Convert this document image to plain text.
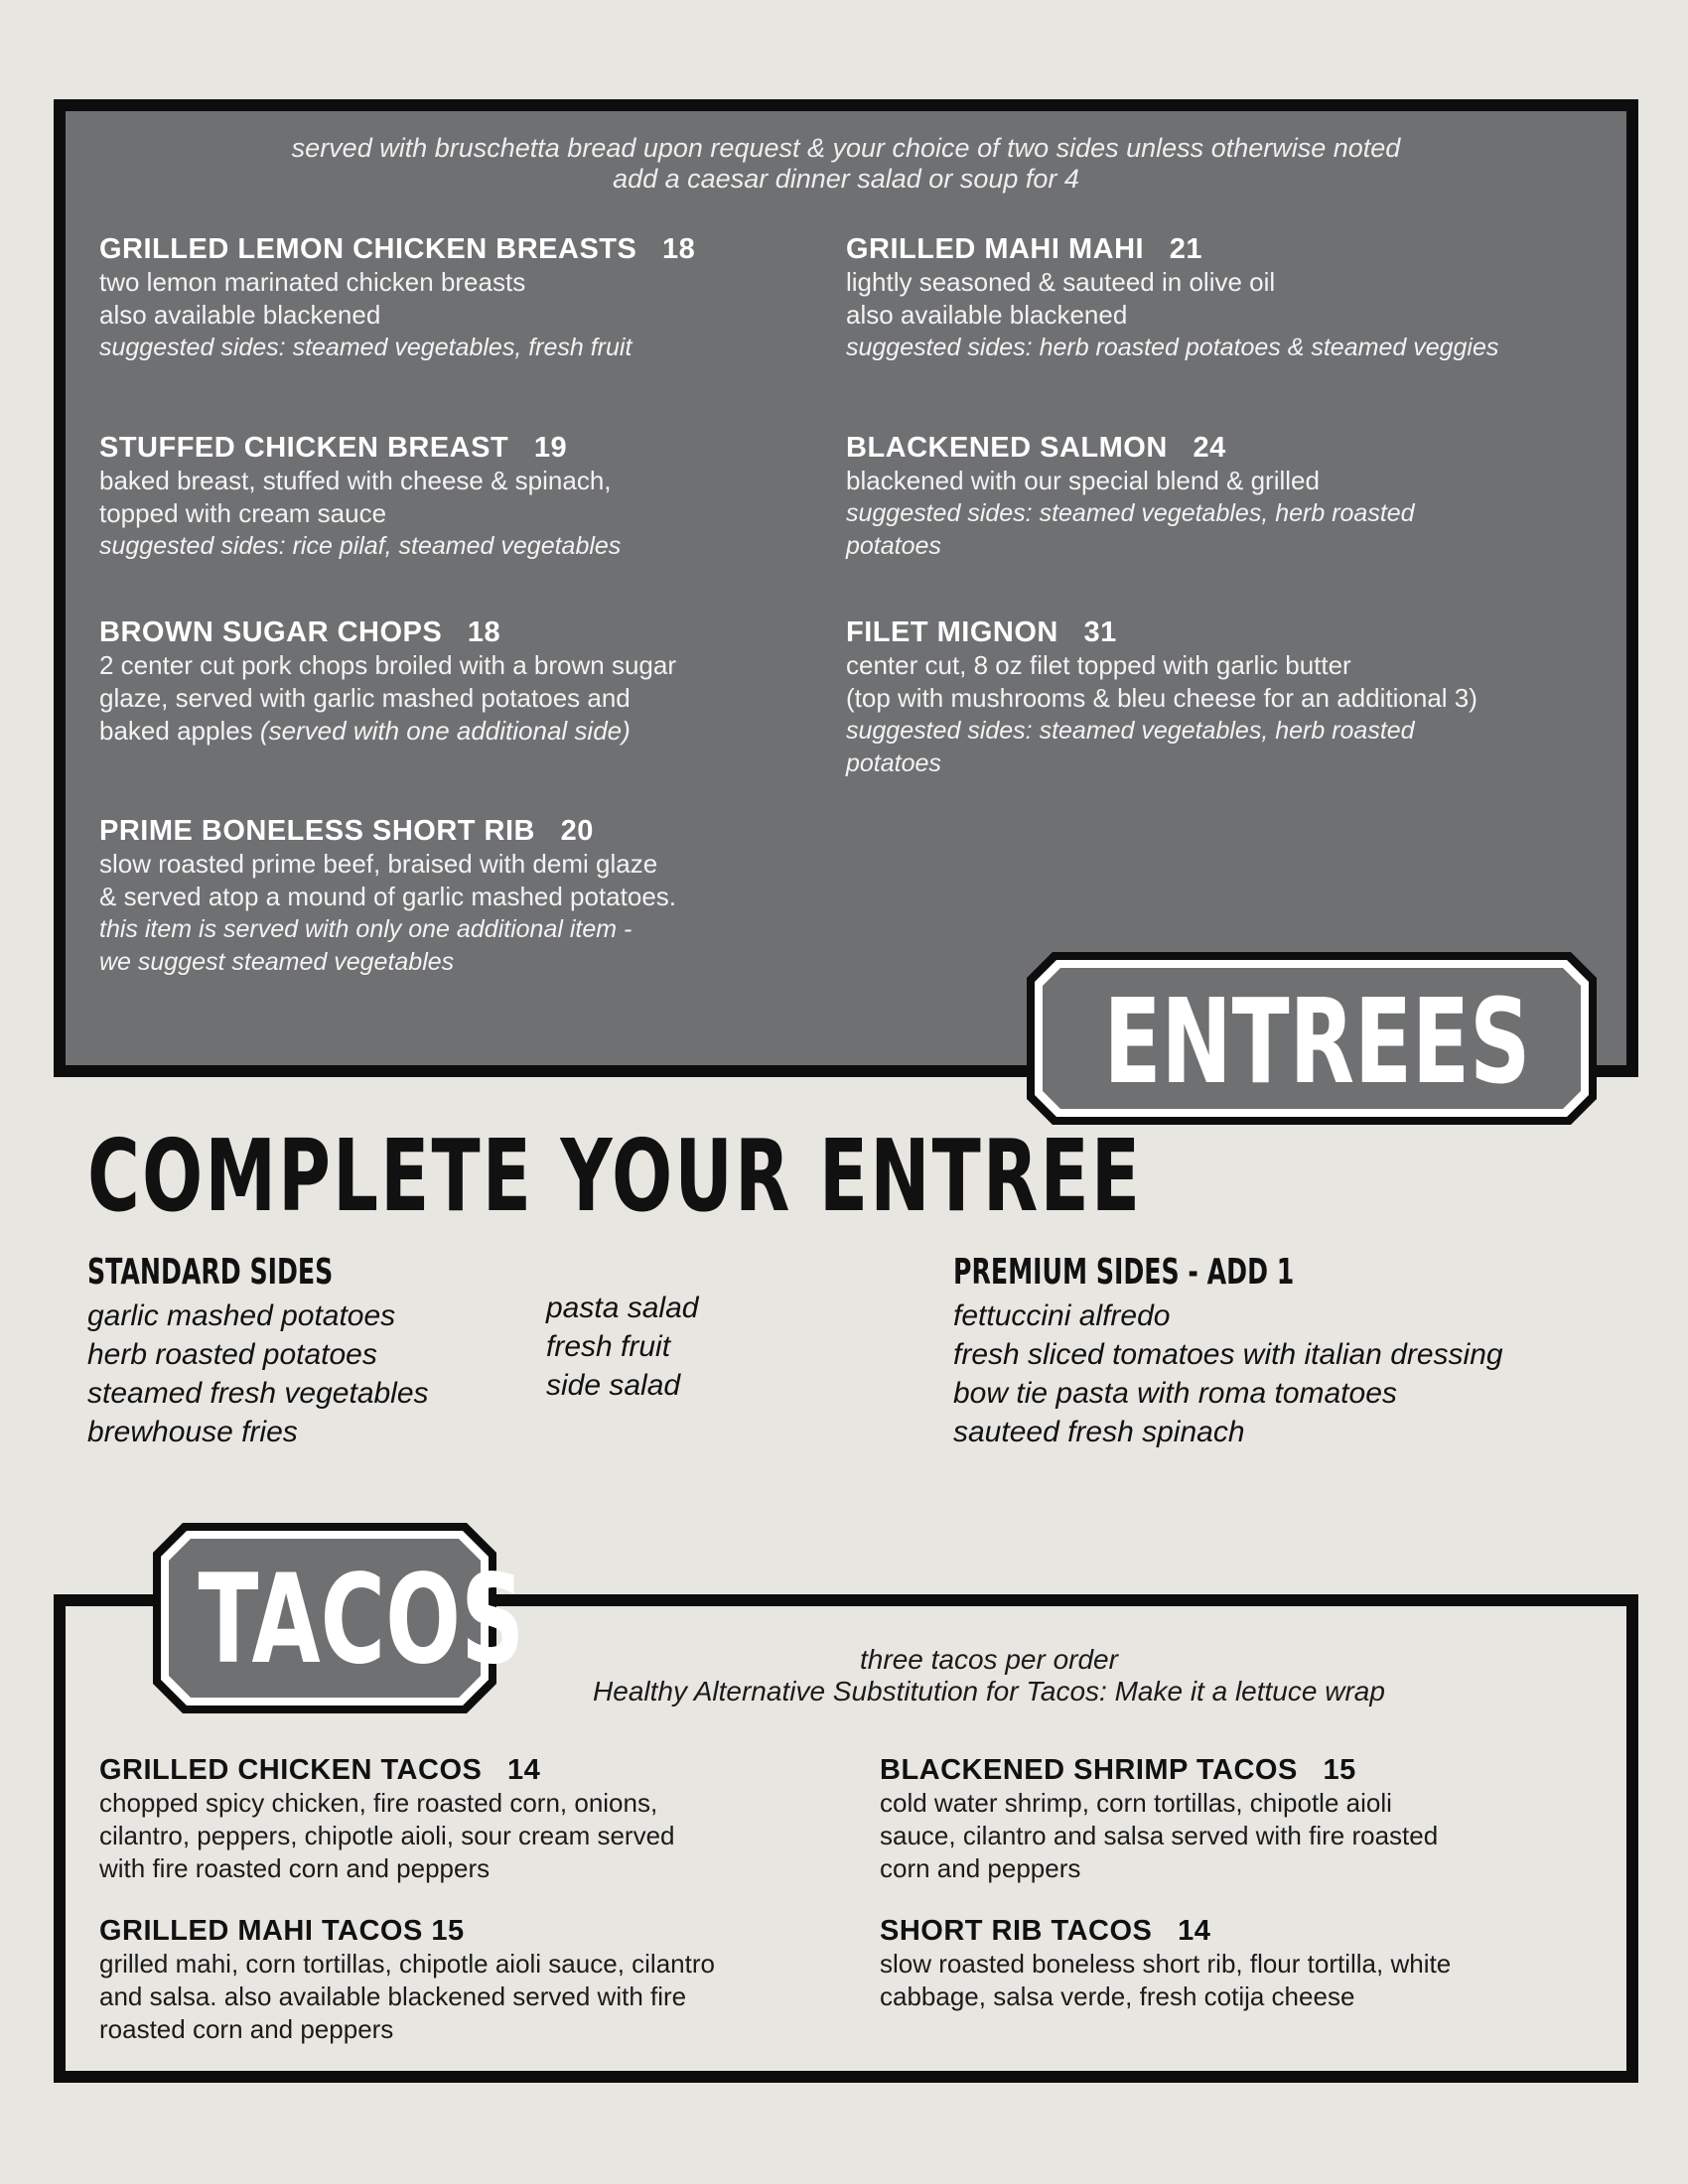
served with bruschetta bread upon request & your choice of two sides unless otherwise noted
add a caesar dinner salad or soup for 4
GRILLED LEMON CHICKEN BREASTS   18
two lemon marinated chicken breasts
also available blackened
suggested sides: steamed vegetables, fresh fruit
STUFFED CHICKEN BREAST   19
baked breast, stuffed with cheese & spinach,
topped with cream sauce
suggested sides: rice pilaf, steamed vegetables
BROWN SUGAR CHOPS   18
2 center cut pork chops broiled with a brown sugar
glaze, served with garlic mashed potatoes and
baked apples (served with one additional side)
PRIME BONELESS SHORT RIB   20
slow roasted prime beef, braised with demi glaze
& served atop a mound of garlic mashed potatoes.
this item is served with only one additional item -
we suggest steamed vegetables
GRILLED MAHI MAHI   21
lightly seasoned & sauteed in olive oil
also available blackened
suggested sides: herb roasted potatoes & steamed veggies
BLACKENED SALMON   24
blackened with our special blend & grilled
suggested sides: steamed vegetables, herb roasted
potatoes
FILET MIGNON   31
center cut, 8 oz filet topped with garlic butter
(top with mushrooms & bleu cheese for an additional 3)
suggested sides: steamed vegetables, herb roasted
potatoes
ENTREES
COMPLETE YOUR ENTREE
STANDARD SIDES
garlic mashed potatoes
herb roasted potatoes
steamed fresh vegetables
brewhouse fries
pasta salad
fresh fruit
side salad
PREMIUM SIDES - ADD 1
fettuccini alfredo
fresh sliced tomatoes with italian dressing
bow tie pasta with roma tomatoes
sauteed fresh spinach
three tacos per order
Healthy Alternative Substitution for Tacos: Make it a lettuce wrap
GRILLED CHICKEN TACOS   14
chopped spicy chicken, fire roasted corn, onions,
cilantro, peppers, chipotle aioli, sour cream served
with fire roasted corn and peppers
GRILLED MAHI TACOS 15
grilled mahi, corn tortillas, chipotle aioli sauce, cilantro
and salsa. also available blackened served with fire
roasted corn and peppers
BLACKENED SHRIMP TACOS   15
cold water shrimp, corn tortillas, chipotle aioli
sauce, cilantro and salsa served with fire roasted
corn and peppers
SHORT RIB TACOS   14
slow roasted boneless short rib, flour tortilla, white
cabbage, salsa verde, fresh cotija cheese
TACOS
